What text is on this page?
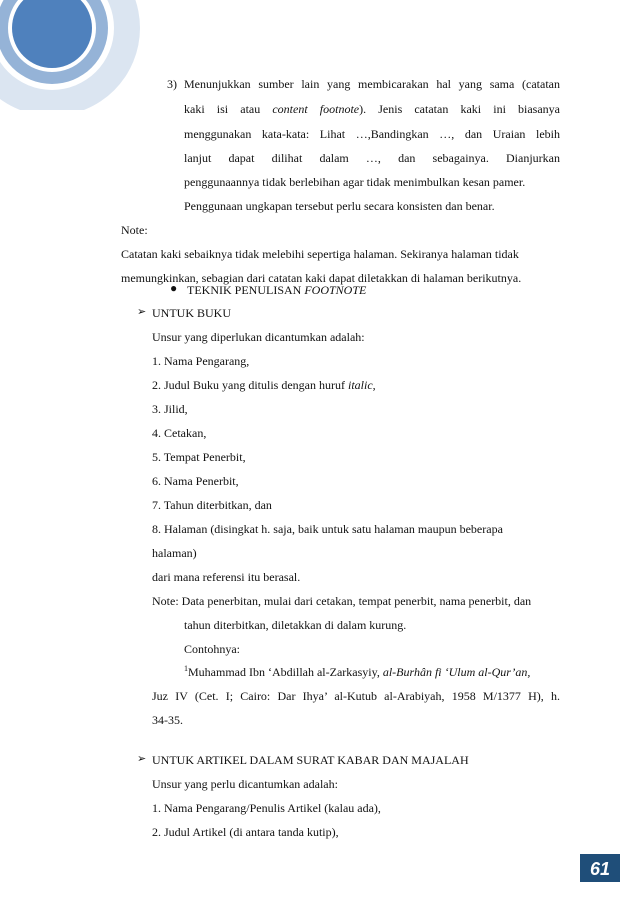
3) Menunjukkan sumber lain yang membicarakan hal yang sama (catatan
kaki isi atau content footnote). Jenis catatan kaki ini biasanya
menggunakan kata-kata: Lihat …,Bandingkan …, dan Uraian lebih
lanjut dapat dilihat dalam …, dan sebagainya. Dianjurkan
penggunaannya tidak berlebihan agar tidak menimbulkan kesan pamer.
Penggunaan ungkapan tersebut perlu secara konsisten dan benar.
Note:
Catatan kaki sebaiknya tidak melebihi sepertiga halaman. Sekiranya halaman tidak
memungkinkan, sebagian dari catatan kaki dapat diletakkan di halaman berikutnya.
● TEKNIK PENULISAN FOOTNOTE
➢ UNTUK BUKU
Unsur yang diperlukan dicantumkan adalah:
1. Nama Pengarang,
2. Judul Buku yang ditulis dengan huruf italic,
3. Jilid,
4. Cetakan,
5. Tempat Penerbit,
6. Nama Penerbit,
7. Tahun diterbitkan, dan
8. Halaman (disingkat h. saja, baik untuk satu halaman maupun beberapa
halaman)
dari mana referensi itu berasal.
Note: Data penerbitan, mulai dari cetakan, tempat penerbit, nama penerbit, dan
tahun diterbitkan, diletakkan di dalam kurung.
Contohnya:
$^1$Muhammad Ibn ‘Abdillah al-Zarkasyiy, al-Burhân fi ‘Ulum al-Qur’an,
Juz IV (Cet. I; Cairo: Dar Ihya’ al-Kutub al-Arabiyah, 1958 M/1377 H), h.
34-35.
➢ UNTUK ARTIKEL DALAM SURAT KABAR DAN MAJALAH
Unsur yang perlu dicantumkan adalah:
1. Nama Pengarang/Penulis Artikel (kalau ada),
2. Judul Artikel (di antara tanda kutip),
61
